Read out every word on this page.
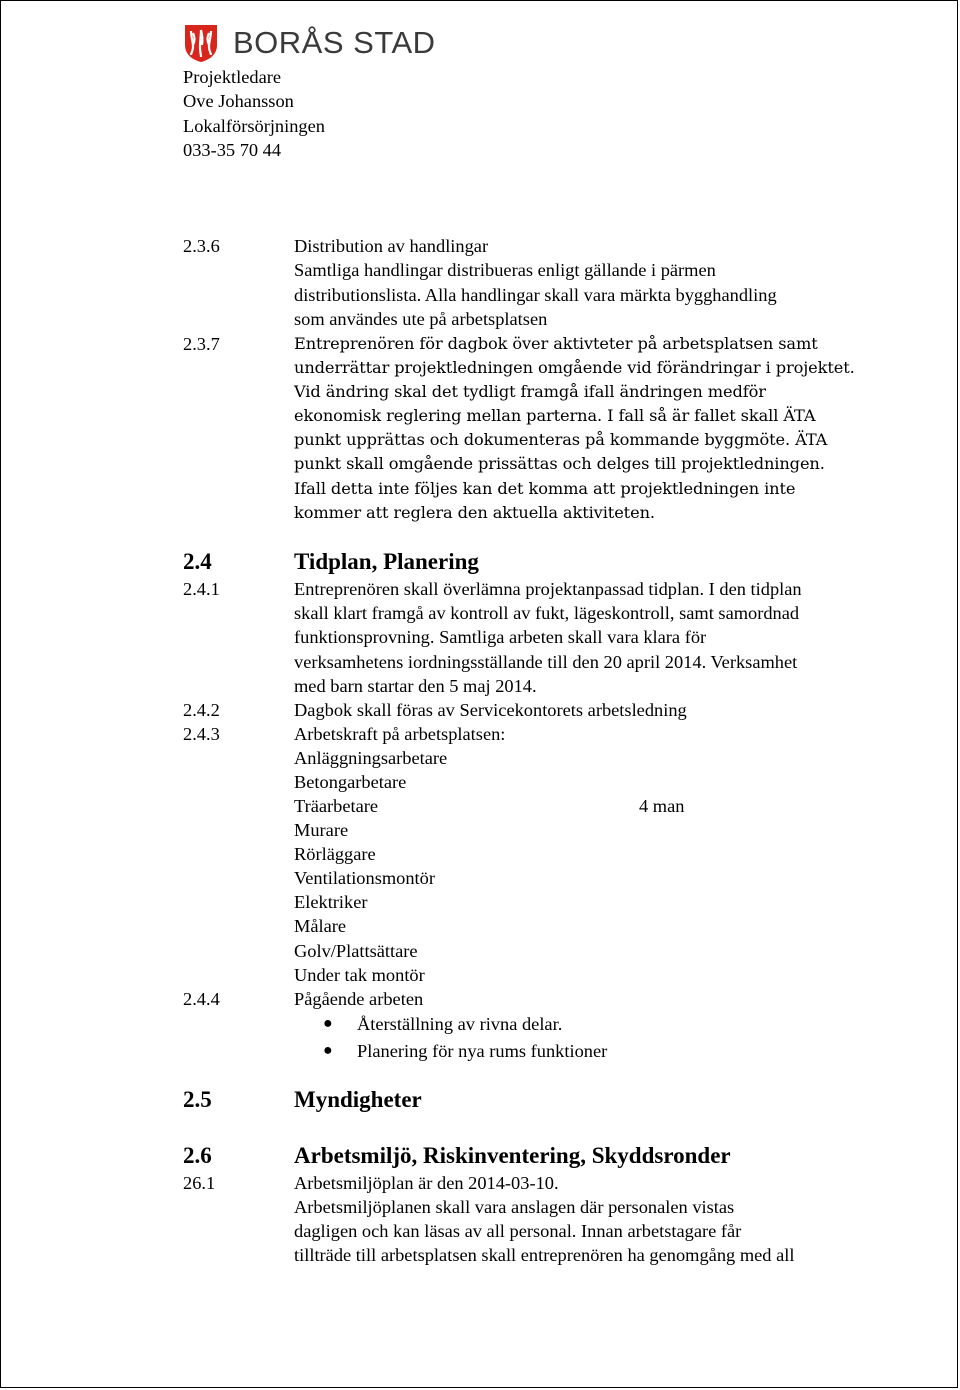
BORÅS STAD
Projektledare
Ove Johansson
Lokalförsörjningen
033-35 70 44
2.3.6	Distribution av handlingar
Samtliga handlingar distribueras enligt gällande i pärmen
distributionslista. Alla handlingar skall vara märkta bygghandling
som användes ute på arbetsplatsen
2.3.7	Entreprenören för dagbok över aktivteter på arbetsplatsen samt
underrättar projektledningen omgående vid förändringar i projektet.
Vid ändring skal det tydligt framgå ifall ändringen medför
ekonomisk reglering mellan parterna. I fall så är fallet skall ÄTA
punkt upprättas och dokumenteras på kommande byggmöte. ÄTA
punkt skall omgående prissättas och delges till projektledningen.
Ifall detta inte följes kan det komma att projektledningen inte
kommer att reglera den aktuella aktiviteten.
2.4	Tidplan, Planering
2.4.1	Entreprenören skall överlämna projektanpassad tidplan. I den tidplan
skall klart framgå av kontroll av fukt, lägeskontroll, samt samordnad
funktionsprovning. Samtliga arbeten skall vara klara för
verksamhetens iordningsställande till den 20 april 2014. Verksamhet
med barn startar den 5 maj 2014.
2.4.2	Dagbok skall föras av Servicekontorets arbetsledning
2.4.3	Arbetskraft på arbetsplatsen:
Anläggningsarbetare
Betongarbetare
Träarbetare	4 man
Murare
Rörläggare
Ventilationsmontör
Elektriker
Målare
Golv/Plattsättare
Under tak montör
2.4.4	Pågående arbeten
● Återställning av rivna delar.
● Planering för nya rums funktioner
2.5	Myndigheter
2.6	Arbetsmiljö, Riskinventering, Skyddsronder
26.1	Arbetsmiljöplan är den 2014-03-10.
Arbetsmiljöplanen skall vara anslagen där personalen vistas
dagligen och kan läsas av all personal. Innan arbetstagare får
tillträde till arbetsplatsen skall entreprenören ha genomgång med all
